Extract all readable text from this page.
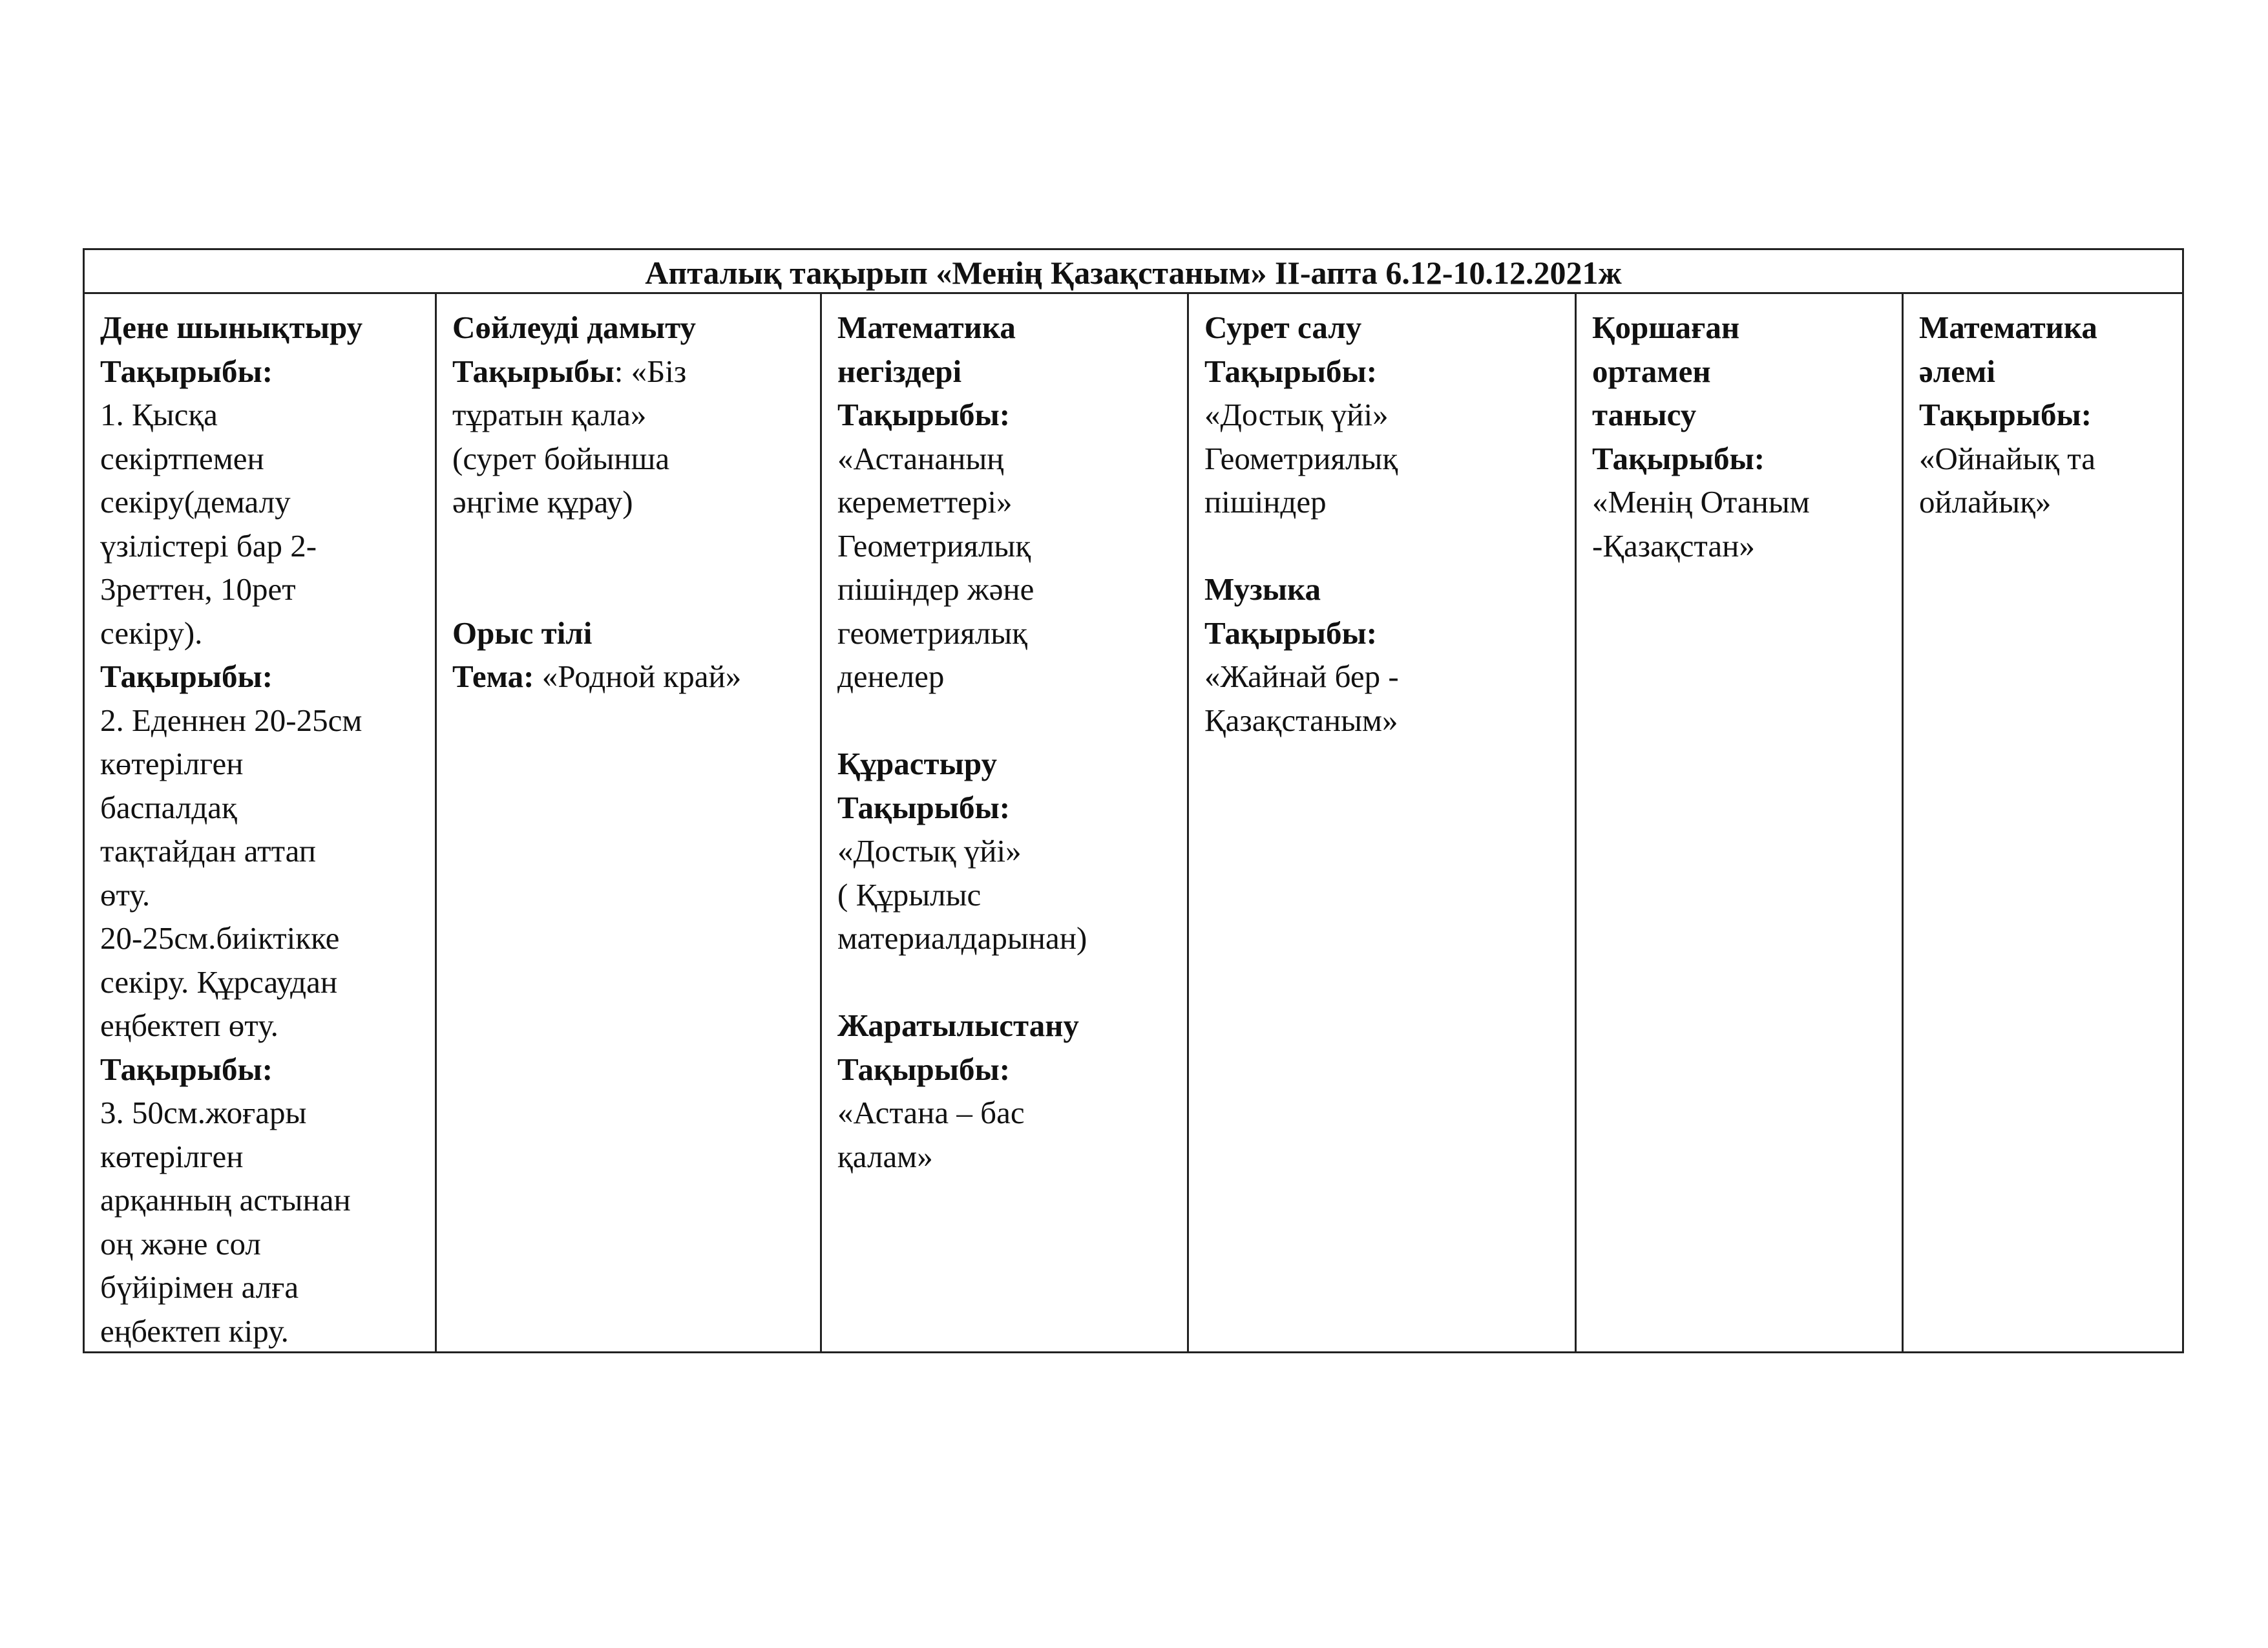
Апталық тақырып «Менің Қазақстаным» ІІ-апта 6.12-10.12.2021ж
Дене шынықтыру
Тақырыбы:
1. Қысқа
секіртпемен
секіру(демалу
үзілістері бар 2-
3реттен, 10рет
секіру).
Тақырыбы:
2. Еденнен 20-25см
көтерілген
баспалдақ
тақтайдан аттап
өту.
20-25см.биіктікке
секіру. Құрсаудан
еңбектеп өту.
Тақырыбы:
3. 50см.жоғары
көтерілген
арқанның астынан
оң және сол
бүйірімен алға
еңбектеп кіру.
Сөйлеуді дамыту
Тақырыбы: «Біз
тұратын қала»
(сурет бойынша
әңгіме құрау)
Орыс тілі
Тема: «Родной край»
Математика
негіздері
Тақырыбы:
«Астананың
кереметтері»
Геометриялық
пішіндер және
геометриялық
денелер
Құрастыру
Тақырыбы:
«Достық үйі»
( Құрылыс
материалдарынан)
Жаратылыстану
Тақырыбы:
«Астана – бас
қалам»
Сурет салу
Тақырыбы:
«Достық үйі»
Геометриялық
пішіндер
Музыка
Тақырыбы:
«Жайнай бер -
Қазақстаным»
Қоршаған
ортамен
танысу
Тақырыбы:
«Менің Отаным
-Қазақстан»
Математика
әлемі
Тақырыбы:
«Ойнайық та
ойлайық»
